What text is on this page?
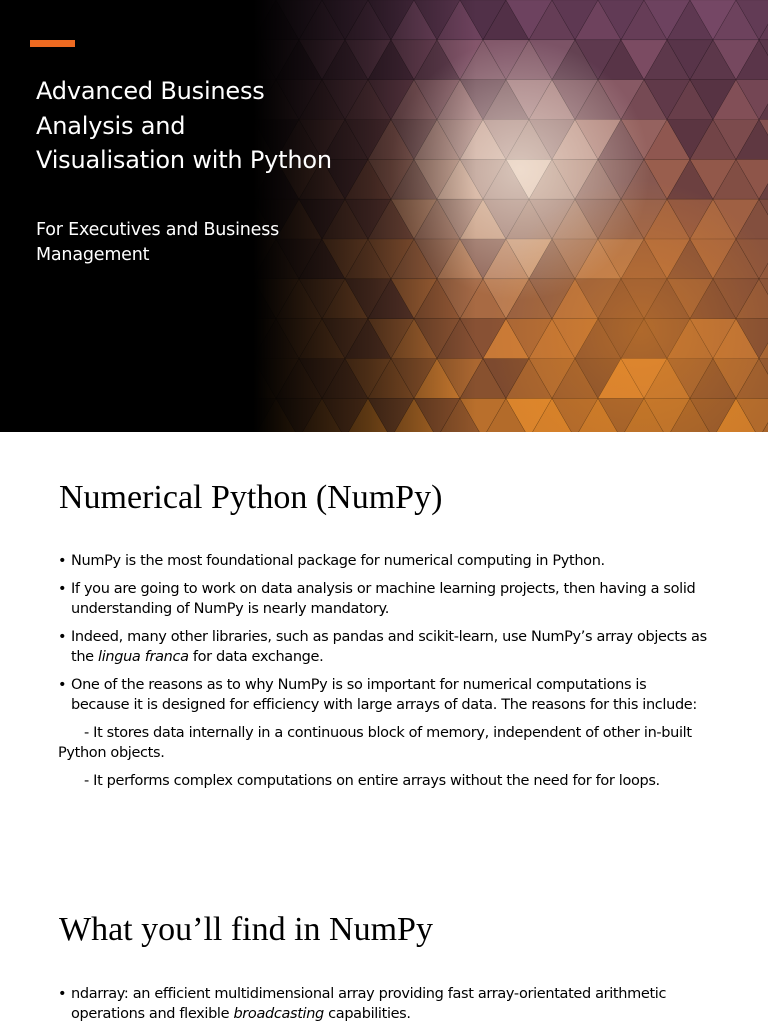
Advanced Business Analysis and Visualisation with Python

For Executives and Business Management

Numerical Python (NumPy)
• NumPy is the most foundational package for numerical computing in Python.
• If you are going to work on data analysis or machine learning projects, then having a solid understanding of NumPy is nearly mandatory.
• Indeed, many other libraries, such as pandas and scikit-learn, use NumPy’s array objects as the lingua franca for data exchange.
• One of the reasons as to why NumPy is so important for numerical computations is because it is designed for efficiency with large arrays of data. The reasons for this include:
- It stores data internally in a continuous block of memory, independent of other in-built Python objects.
- It performs complex computations on entire arrays without the need for for loops.
What you’ll find in NumPy
• ndarray: an efficient multidimensional array providing fast array-orientated arithmetic operations and flexible broadcasting capabilities.
